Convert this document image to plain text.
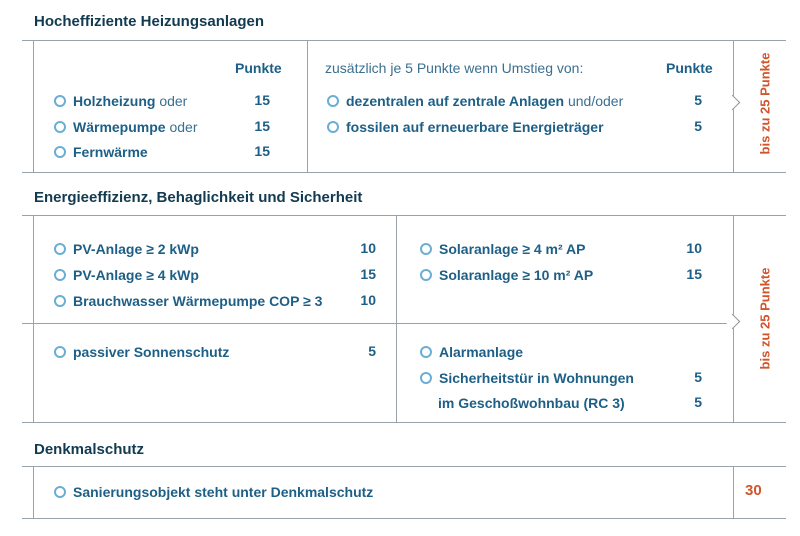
Hocheffiziente Heizungsanlagen
Punkte
Holzheizung oder	15
Wärmepumpe oder	15
Fernwärme	15
zusätzlich je 5 Punkte wenn Umstieg von:	Punkte
dezentralen auf zentrale Anlagen und/oder	5
fossilen auf erneuerbare Energieträger	5	bis zu 25 Punkte
Energieeffizienz, Behaglichkeit und Sicherheit
PV-Anlage ≥ 2 kWp	10
PV-Anlage ≥ 4 kWp	15
Brauchwasser Wärmepumpe COP ≥ 3	10
Solaranlage ≥ 4 m² AP	10
Solaranlage ≥ 10 m² AP	15
passiver Sonnenschutz	5	Alarmanlage
Sicherheitstür in Wohnungen	5
im Geschoßwohnbau (RC 3)	5
bis zu 25 Punkte
Denkmalschutz
Sanierungsobjekt steht unter Denkmalschutz	30
